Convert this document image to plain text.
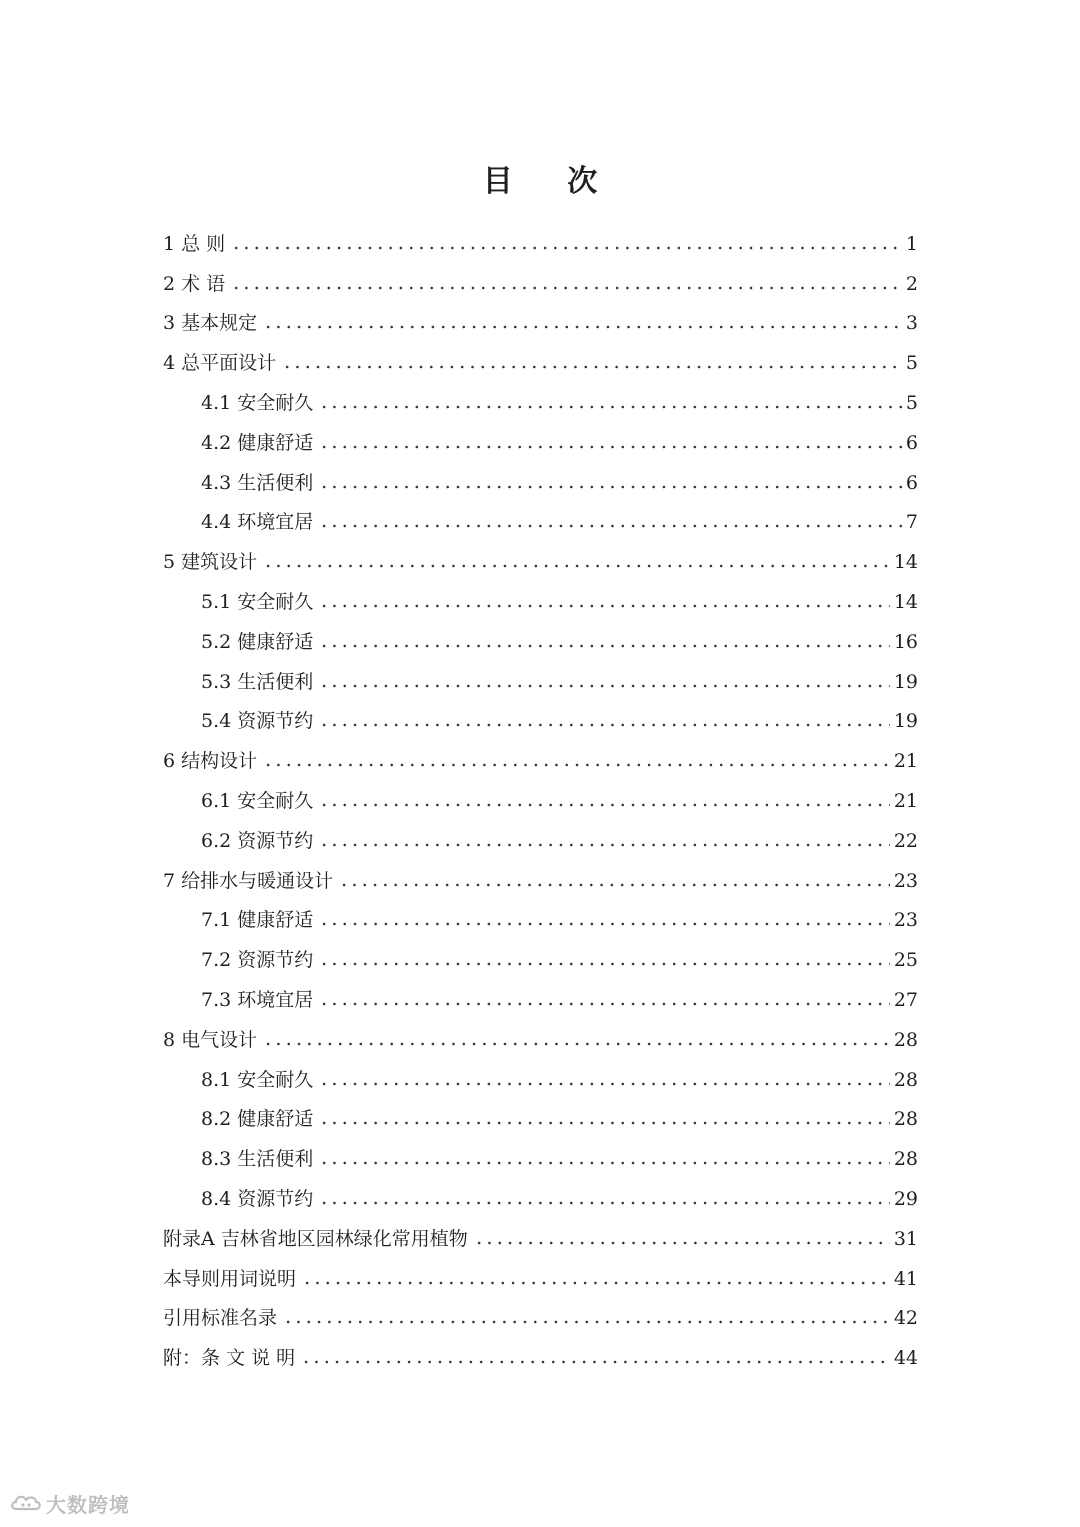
目 次
1 总 则	1
2 术 语	2
3 基本规定	3
4 总平面设计	5
4.1 安全耐久	5
4.2 健康舒适	6
4.3 生活便利	6
4.4 环境宜居	7
5 建筑设计	14
5.1 安全耐久	14
5.2 健康舒适	16
5.3 生活便利	19
5.4 资源节约	19
6 结构设计	21
6.1 安全耐久	21
6.2 资源节约	22
7 给排水与暖通设计	23
7.1 健康舒适	23
7.2 资源节约	25
7.3 环境宜居	27
8 电气设计	28
8.1 安全耐久	28
8.2 健康舒适	28
8.3 生活便利	28
8.4 资源节约	29
附录A 吉林省地区园林绿化常用植物	31
本导则用词说明	41
引用标准名录	42
附：条 文 说 明	44
大数跨境
